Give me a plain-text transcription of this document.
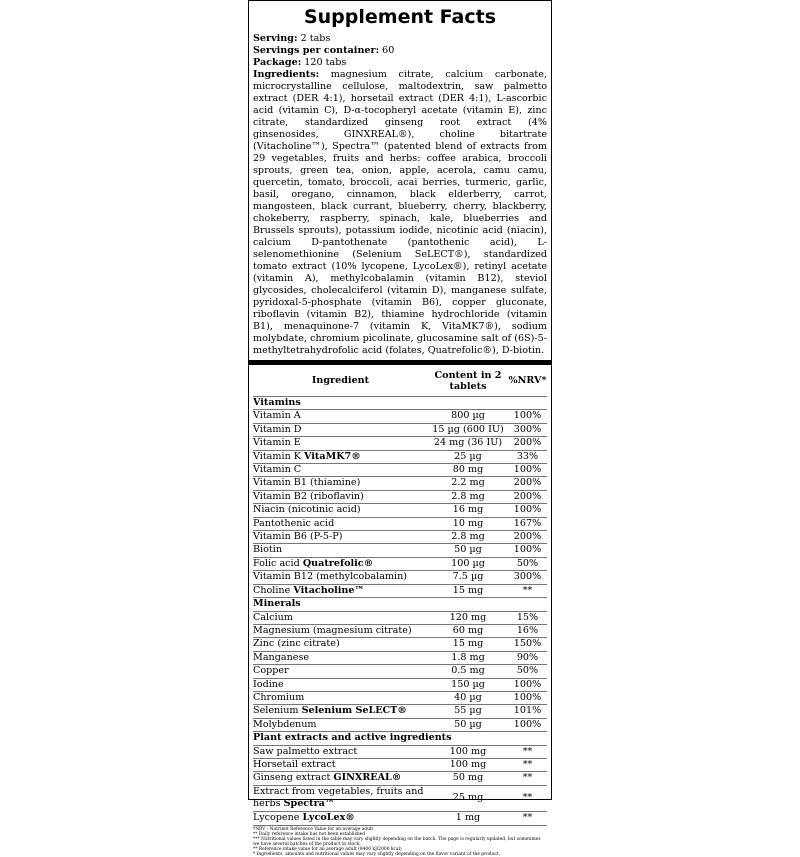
Supplement Facts
Serving: 2 tabs
Servings per container: 60
Package: 120 tabs
Ingredients: magnesium citrate, calcium carbonate, microcrystalline cellulose, maltodextrin, saw palmetto extract (DER 4:1), horsetail extract (DER 4:1), L-ascorbic acid (vitamin C), D-α-tocopheryl acetate (vitamin E), zinc citrate, standardized ginseng root extract (4% ginsenosides, GINXREAL®), choline bitartrate (Vitacholine™), Spectra™ (patented blend of extracts from 29 vegetables, fruits and herbs: coffee arabica, broccoli sprouts, green tea, onion, apple, acerola, camu camu, quercetin, tomato, broccoli, acai berries, turmeric, garlic, basil, oregano, cinnamon, black elderberry, carrot, mangosteen, black currant, blueberry, cherry, blackberry, chokeberry, raspberry, spinach, kale, blueberries and Brussels sprouts), potassium iodide, nicotinic acid (niacin), calcium D-pantothenate (pantothenic acid), L-selenomethionine (Selenium SeLECT®), standardized tomato extract (10% lycopene, LycoLex®), retinyl acetate (vitamin A), methylcobalamin (vitamin B12), steviol glycosides, cholecalciferol (vitamin D), manganese sulfate, pyridoxal-5-phosphate (vitamin B6), copper gluconate, riboflavin (vitamin B2), thiamine hydrochloride (vitamin B1), menaquinone-7 (vitamin K, VitaMK7®), sodium molybdate, chromium picolinate, glucosamine salt of (6S)-5-methyltetrahydrofolic acid (folates, Quatrefolic®), D-biotin.
Ingredient	Content in 2 tablets	%NRV*
Vitamins		
Vitamin A	800 µg	100%
Vitamin D	15 µg (600 IU)	300%
Vitamin E	24 mg (36 IU)	200%
Vitamin K VitaMK7®	25 µg	33%
Vitamin C	80 mg	100%
Vitamin B1 (thiamine)	2.2 mg	200%
Vitamin B2 (riboflavin)	2.8 mg	200%
Niacin (nicotinic acid)	16 mg	100%
Pantothenic acid	10 mg	167%
Vitamin B6 (P-5-P)	2.8 mg	200%
Biotin	50 µg	100%
Folic acid Quatrefolic®	100 µg	50%
Vitamin B12 (methylcobalamin)	7.5 µg	300%
Choline Vitacholine™	15 mg	**
Minerals		
Calcium	120 mg	15%
Magnesium (magnesium citrate)	60 mg	16%
Zinc (zinc citrate)	15 mg	150%
Manganese	1.8 mg	90%
Copper	0.5 mg	50%
Iodine	150 µg	100%
Chromium	40 µg	100%
Selenium Selenium SeLECT®	55 µg	101%
Molybdenum	50 µg	100%
Plant extracts and active ingredients		
Saw palmetto extract	100 mg	**
Horsetail extract	100 mg	**
Ginseng extract GINXREAL®	50 mg	**
Extract from vegetables, fruits and herbs Spectra™	25 mg	**
Lycopene LycoLex®	1 mg	**
*NRV - Nutrient Reference Value for an average adult
** Daily reference intake has not been established
*** Nutritional values listed in the table may vary slightly depending on the batch. The page is regularly updated, but sometimes we have several batches of the product in stock.
** Reference intake value for an average adult (8400 kJ/2000 kcal)
* Ingredients, amounts and nutritional values may vary slightly depending on the flavor variant of the product.
